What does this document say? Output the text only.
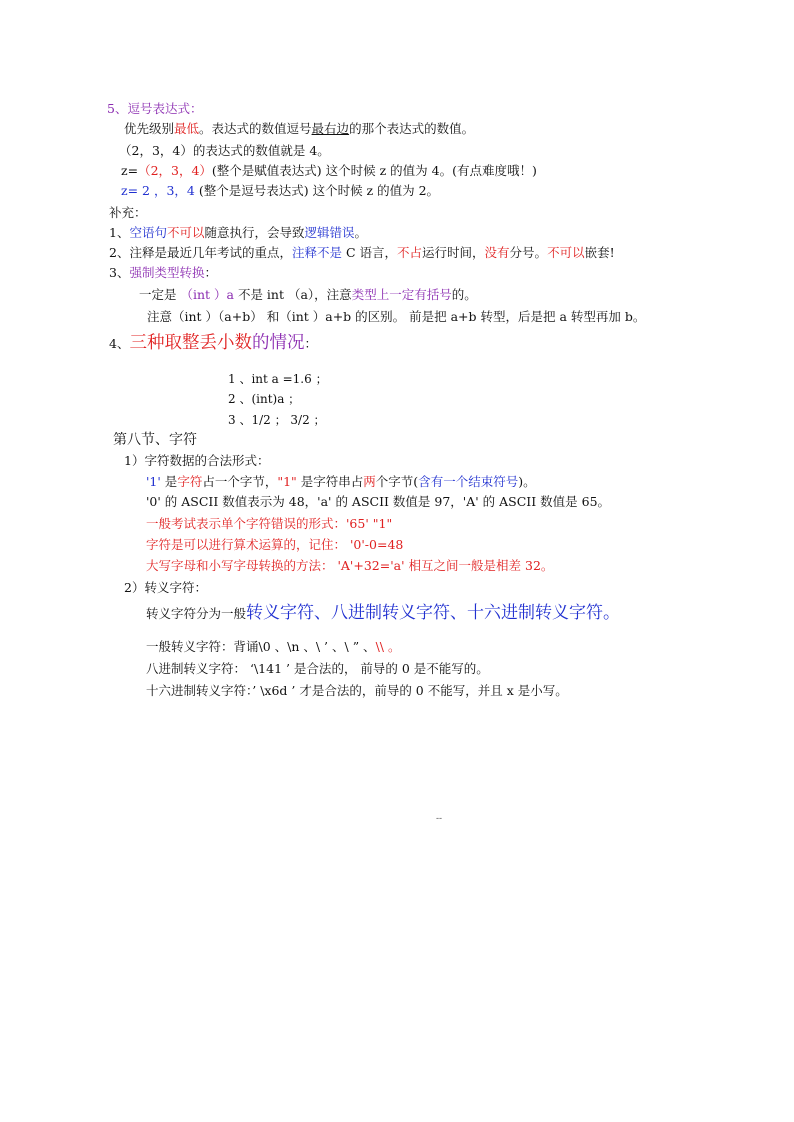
5、逗号表达式：
优先级别最低。表达式的数值逗号最右边的那个表达式的数值。
（2，3，4）的表达式的数值就是 4。
z=（2，3，4）(整个是赋值表达式) 这个时候 z 的值为 4。(有点难度哦！)
z= 2 ，3，4 (整个是逗号表达式) 这个时候 z 的值为 2。
补充：
1、空语句不可以随意执行，会导致逻辑错误。
2、注释是最近几年考试的重点，注释不是 C 语言，不占运行时间，没有分号。不可以嵌套!
3、强制类型转换：
一定是 （int ）a 不是 int （a），注意类型上一定有括号的。
注意（int ）（a+b） 和（int ）a+b 的区别。 前是把 a+b 转型，后是把 a 转型再加 b。
4、三种取整丢小数的情况：
1 、int a =1.6 ；
2 、(int)a ；
3 、1/2 ； 3/2 ；
第八节、字符
1）字符数据的合法形式：
'1' 是字符占一个字节，"1" 是字符串占两个字节(含有一个结束符号)。
'0' 的 ASCII 数值表示为 48，'a' 的 ASCII 数值是 97，'A' 的 ASCII 数值是 65。
一般考试表示单个字符错误的形式：'65' "1"
字符是可以进行算术运算的，记住： '0'-0=48
大写字母和小写字母转换的方法： 'A'+32='a' 相互之间一般是相差 32。
2）转义字符：
转义字符分为一般转义字符、八进制转义字符、十六进制转义字符。
一般转义字符：背诵\0 、\n 、\ ’ 、\ ” 、\\ 。
八进制转义字符： ‘\141 ’ 是合法的， 前导的 0 是不能写的。
十六进制转义字符：’ \x6d ’ 才是合法的，前导的 0 不能写，并且 x 是小写。
--
